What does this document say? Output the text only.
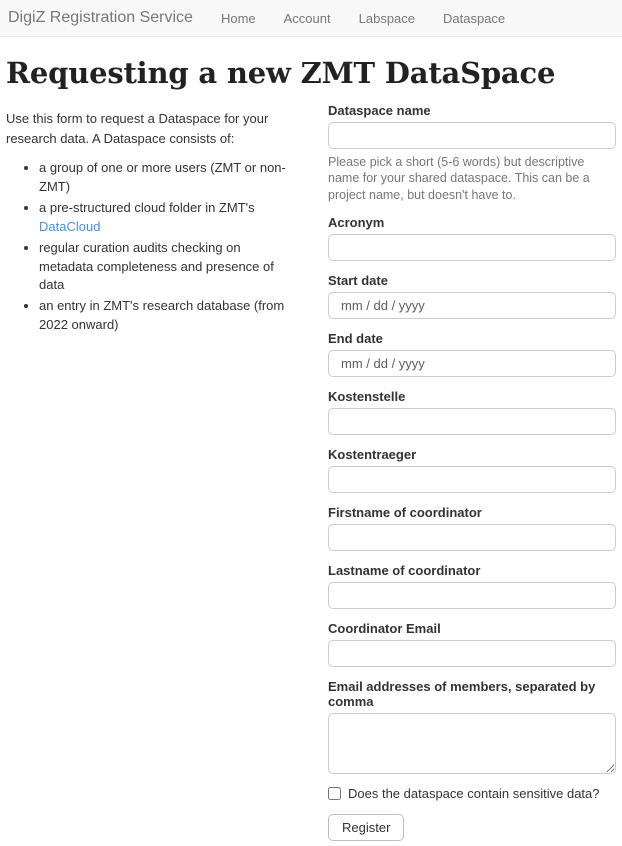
DigiZ Registration Service	Home	Account	Labspace	Dataspace
Requesting a new ZMT DataSpace

Use this form to request a Dataspace for your research data. A Dataspace consists of:

• a group of one or more users (ZMT or non-ZMT)
• a pre-structured cloud folder in ZMT's DataCloud
• regular curation audits checking on metadata completeness and presence of data
• an entry in ZMT's research database (from 2022 onward)
Dataspace name
Please pick a short (5-6 words) but descriptive name for your shared dataspace. This can be a project name, but doesn't have to.
Acronym
Start date
mm / dd / yyyy
End date
mm / dd / yyyy
Kostenstelle
Kostentraeger
Firstname of coordinator
Lastname of coordinator
Coordinator Email
Email addresses of members, separated by comma
Does the dataspace contain sensitive data?
Register
